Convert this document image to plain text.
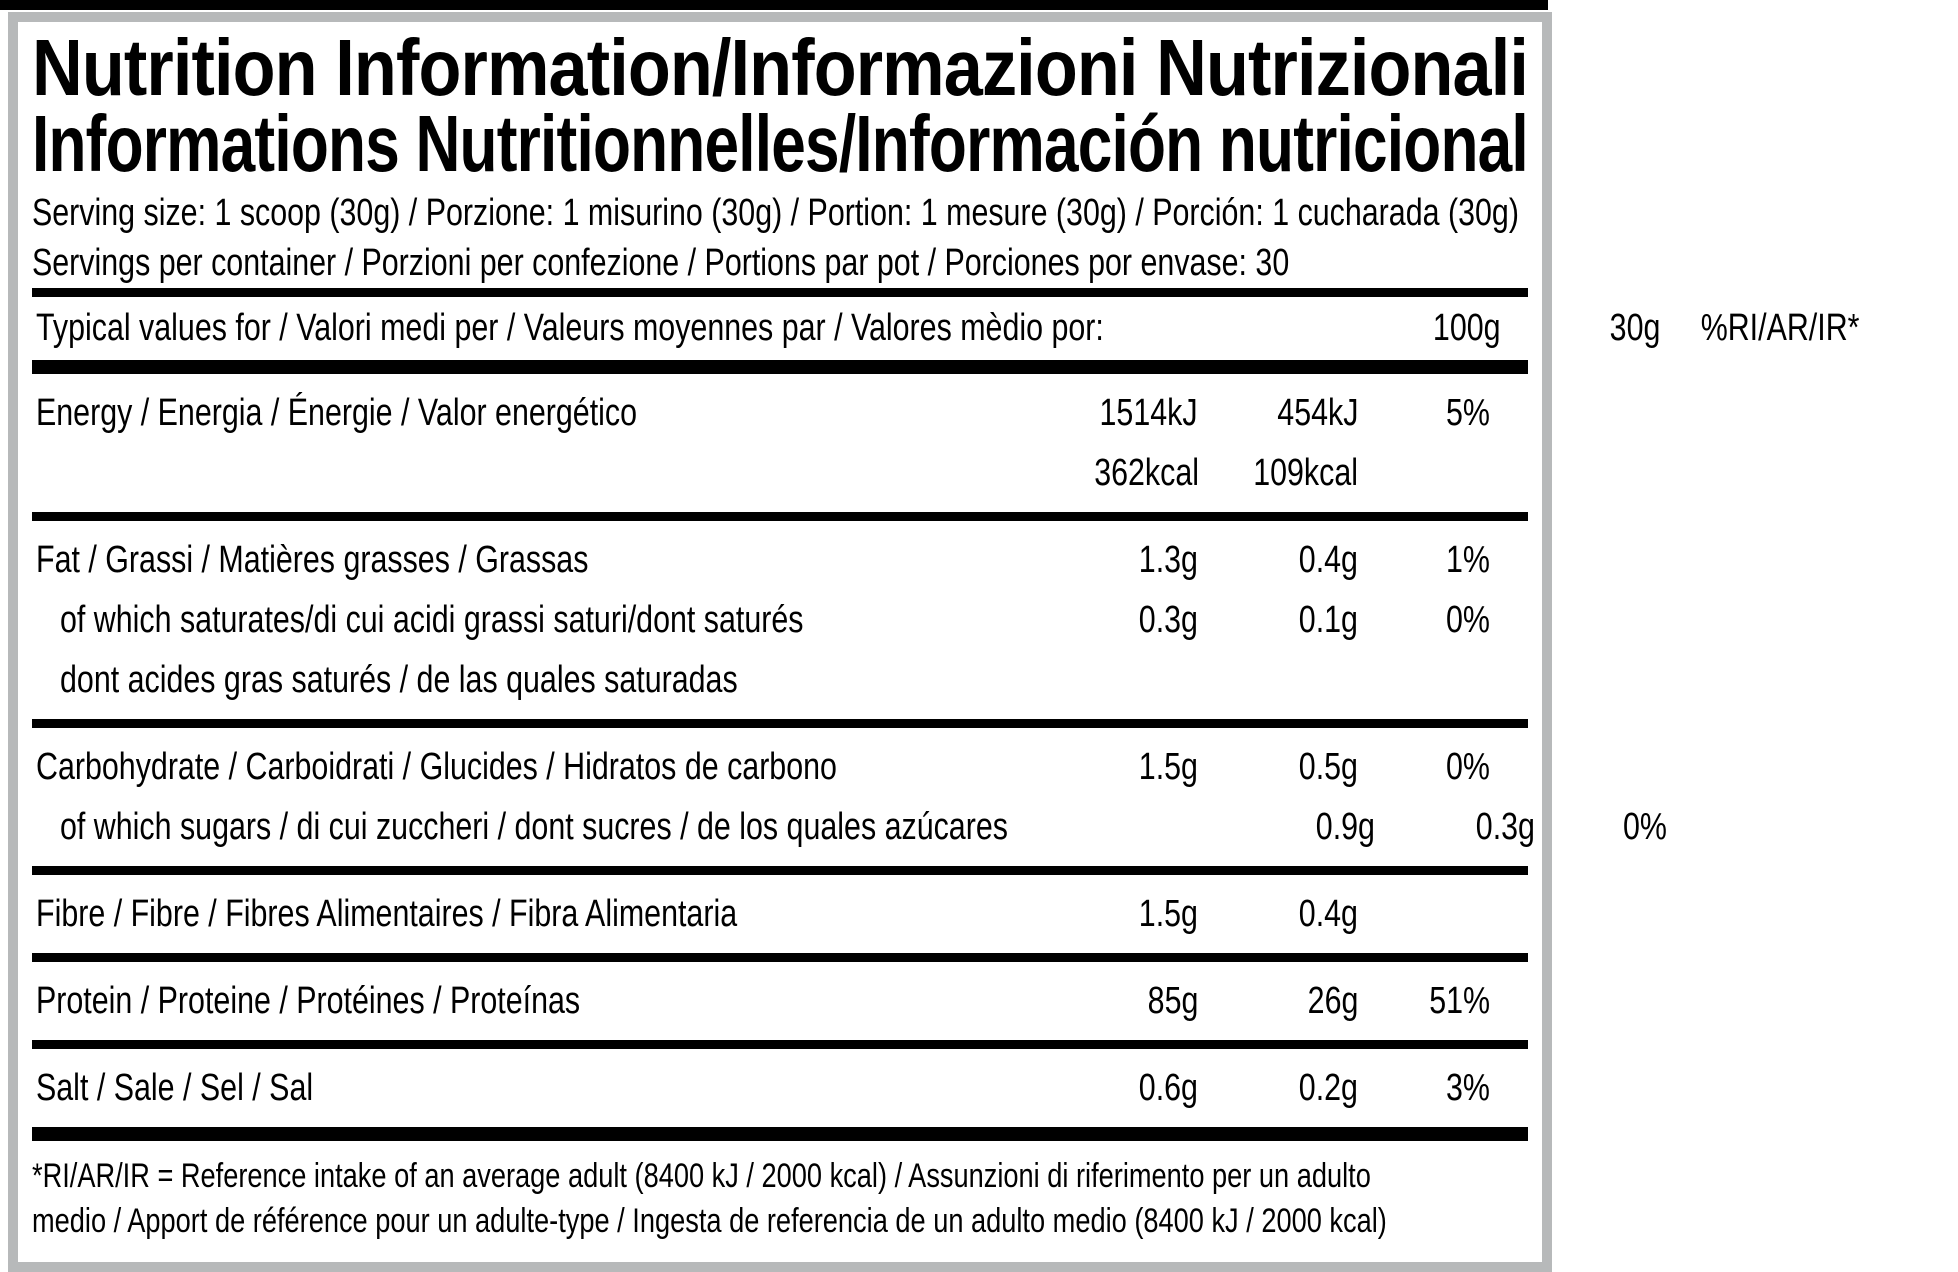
Nutrition Information/Informazioni Nutrizionali
Informations Nutritionnelles/Información nutricional
Serving size: 1 scoop (30g) / Porzione: 1 misurino (30g) / Portion: 1 mesure (30g) / Porción: 1 cucharada (30g)
Servings per container / Porzioni per confezione / Portions par pot / Porciones por envase: 30
Typical values for / Valori medi per / Valeurs moyennes par / Valores mèdio por:	100g	30g	%RI/AR/IR*
Energy / Energia / Énergie / Valor energético	1514kJ	454kJ	5%
362kcal	109kcal
Fat / Grassi / Matières grasses / Grassas	1.3g	0.4g	1%
of which saturates/di cui acidi grassi saturi/dont saturés	0.3g	0.1g	0%
dont acides gras saturés / de las quales saturadas
Carbohydrate / Carboidrati / Glucides / Hidratos de carbono	1.5g	0.5g	0%
of which sugars / di cui zuccheri / dont sucres / de los quales azúcares	0.9g	0.3g	0%
Fibre / Fibre / Fibres Alimentaires / Fibra Alimentaria	1.5g	0.4g
Protein / Proteine / Protéines / Proteínas	85g	26g	51%
Salt / Sale / Sel / Sal	0.6g	0.2g	3%
*RI/AR/IR = Reference intake of an average adult (8400 kJ / 2000 kcal) / Assunzioni di riferimento per un adulto
medio / Apport de référence pour un adulte-type / Ingesta de referencia de un adulto medio (8400 kJ / 2000 kcal)
